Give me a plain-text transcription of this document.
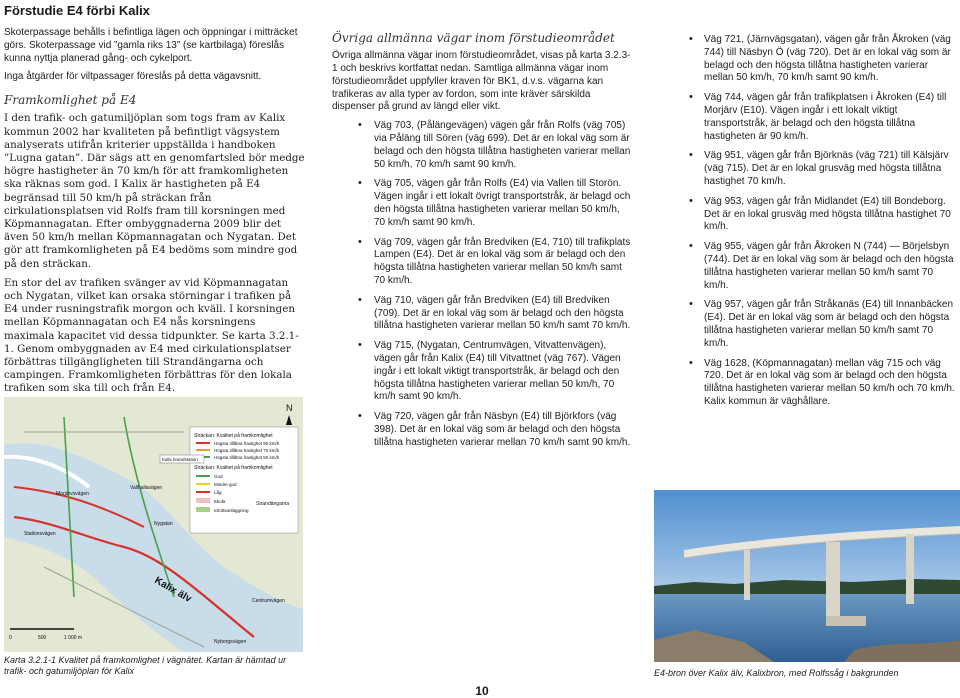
Förstudie E4 förbi Kalix

Skoterpassage behålls i befintliga lägen och öppningar i mitträcket görs. Skoterpassage vid ”gamla riks 13” (se kartbilaga) föreslås kunna nyttja planerad gång- och cykelport.

Inga åtgärder för viltpassager föreslås på detta vägavsnitt.

Framkomlighet på E4

I den trafik- och gatumiljöplan som togs fram av Kalix kommun 2002 har kvaliteten på befintligt vägsystem analyserats utifrån kriterier uppställda i handboken ”Lugna gatan”. Där sägs att en genomfartsled bör medge högre hastigheter än 70 km/h för att framkomligheten ska räknas som god. I Kalix är hastigheten på E4 begränsad till 50 km/h på sträckan från cirkulationsplatsen vid Rolfs fram till korsningen med Köpmannagatan. Efter ombyggnaderna 2009 blir det även 50 km/h mellan Köpmannagatan och Nygatan. Det gör att framkomligheten på E4 bedöms som mindre god på den sträckan.

En stor del av trafiken svänger av vid Köpmannagatan och Nygatan, vilket kan orsaka störningar i trafiken på E4 under rusningstrafik morgon och kväll. I korsningen mellan Köpmannagatan och E4 nås korsningens maximala kapacitet vid dessa tidpunkter. Se karta 3.2.1-1. Genom ombyggnaden av E4 med cirkulationsplatser förbättras tillgängligheten till Strandängarna och campingen. Framkomligheten förbättras för den lokala trafiken som ska till och från E4.

N
Sträckan: Kvalitet på framkomlighet
Högsta tillåtna hastighet 90 km/h
Högsta tillåtna hastighet 70 km/h
Högsta tillåtna hastighet 50 km/h
Sträckan: Kvalitet på framkomlighet
God
Mindre god
Låg
Ekola
Idrottsanläggning
Kalix brandstation
Morjärvsvägen
Vallhallavägen
Stationsvägen
Nygatan
Strandängarna
Kalix älv	Centrumvägen
Nyborgsvägen
0	500	1 000 m
Karta 3.2.1-1 Kvalitet på framkomlighet i vägnätet. Kartan är hämtad ur trafik- och gatumiljöplan för Kalix
Övriga allmänna vägar inom förstudieområdet

Övriga allmänna vägar inom förstudieområdet, visas på karta 3.2.3-1 och beskrivs kortfattat nedan. Samtliga allmänna vägar inom förstudieområdet uppfyller kraven för BK1, d.v.s. vägarna kan trafikeras av alla typer av fordon, som inte kräver särskilda dispenser på grund av längd eller vikt.

• Väg 703, (Pålängevägen) vägen går från Rolfs (väg 705) via Påläng till Sören (väg 699). Det är en lokal väg som är belagd och den högsta tillåtna hastigheten varierar mellan 50 km/h, 70 km/h samt 90 km/h.
• Väg 705, vägen går från Rolfs (E4) via Vallen till Storön. Vägen ingår i ett lokalt övrigt transportstråk, är belagd och den högsta tillåtna hastigheten varierar mellan 50 km/h, 70 km/h samt 90 km/h.
• Väg 709, vägen går från Bredviken (E4, 710) till trafikplats Lampen (E4). Det är en lokal väg som är belagd och den högsta tillåtna hastigheten varierar mellan 50 km/h samt 70 km/h.
• Väg 710, vägen går från Bredviken (E4) till Bredviken (709). Det är en lokal väg som är belagd och den högsta tillåtna hastigheten varierar mellan 50 km/h samt 70 km/h.
• Väg 715, (Nygatan, Centrumvägen, Vitvattenvägen), vägen går från Kalix (E4) till Vitvattnet (väg 767). Vägen ingår i ett lokalt viktigt transportstråk, är belagd och den högsta tillåtna hastigheten varierar mellan 50 km/h, 70 km/h samt 90 km/h.
• Väg 720, vägen går från Näsbyn (E4) till Björkfors (väg 398). Det är en lokal väg som är belagd och den högsta tillåtna hastigheten varierar mellan 70 km/h samt 90 km/h.
• Väg 721, (Järnvägsgatan), vägen går från Åkroken (väg 744) till Näsbyn Ö (väg 720). Det är en lokal väg som är belagd och den högsta tillåtna hastigheten varierar mellan 50 km/h, 70 km/h samt 90 km/h.
• Väg 744, vägen går från trafikplatsen i Åkroken (E4) till Morjärv (E10). Vägen ingår i ett lokalt viktigt transportstråk, är belagd och den högsta tillåtna hastigheten är 90 km/h.
• Väg 951, vägen går från Björknäs (väg 721) till Kälsjärv (väg 715). Det är en lokal grusväg med högsta tillåtna hastighet 70 km/h.
• Väg 953, vägen går från Midlandet (E4) till Bondeborg. Det är en lokal grusväg med högsta tillåtna hastighet 70 km/h.
• Väg 955, vägen går från Åkroken N (744) — Börjelsbyn (744). Det är en lokal väg som är belagd och den högsta tillåtna hastigheten varierar mellan 50 km/h samt 70 km/h.
• Väg 957, vägen går från Stråkanäs (E4) till Innanbäcken (E4). Det är en lokal väg som är belagd och den högsta tillåtna hastigheten varierar mellan 50 km/h samt 70 km/h.
• Väg 1628, (Köpmannagatan) mellan väg 715 och väg 720. Det är en lokal väg som är belagd och den högsta tillåtna hastigheten varierar mellan 50 km/h och 70 km/h. Kalix kommun är väghållare.
E4-bron över Kalix älv, Kalixbron, med Rolfssåg i bakgrunden
10
